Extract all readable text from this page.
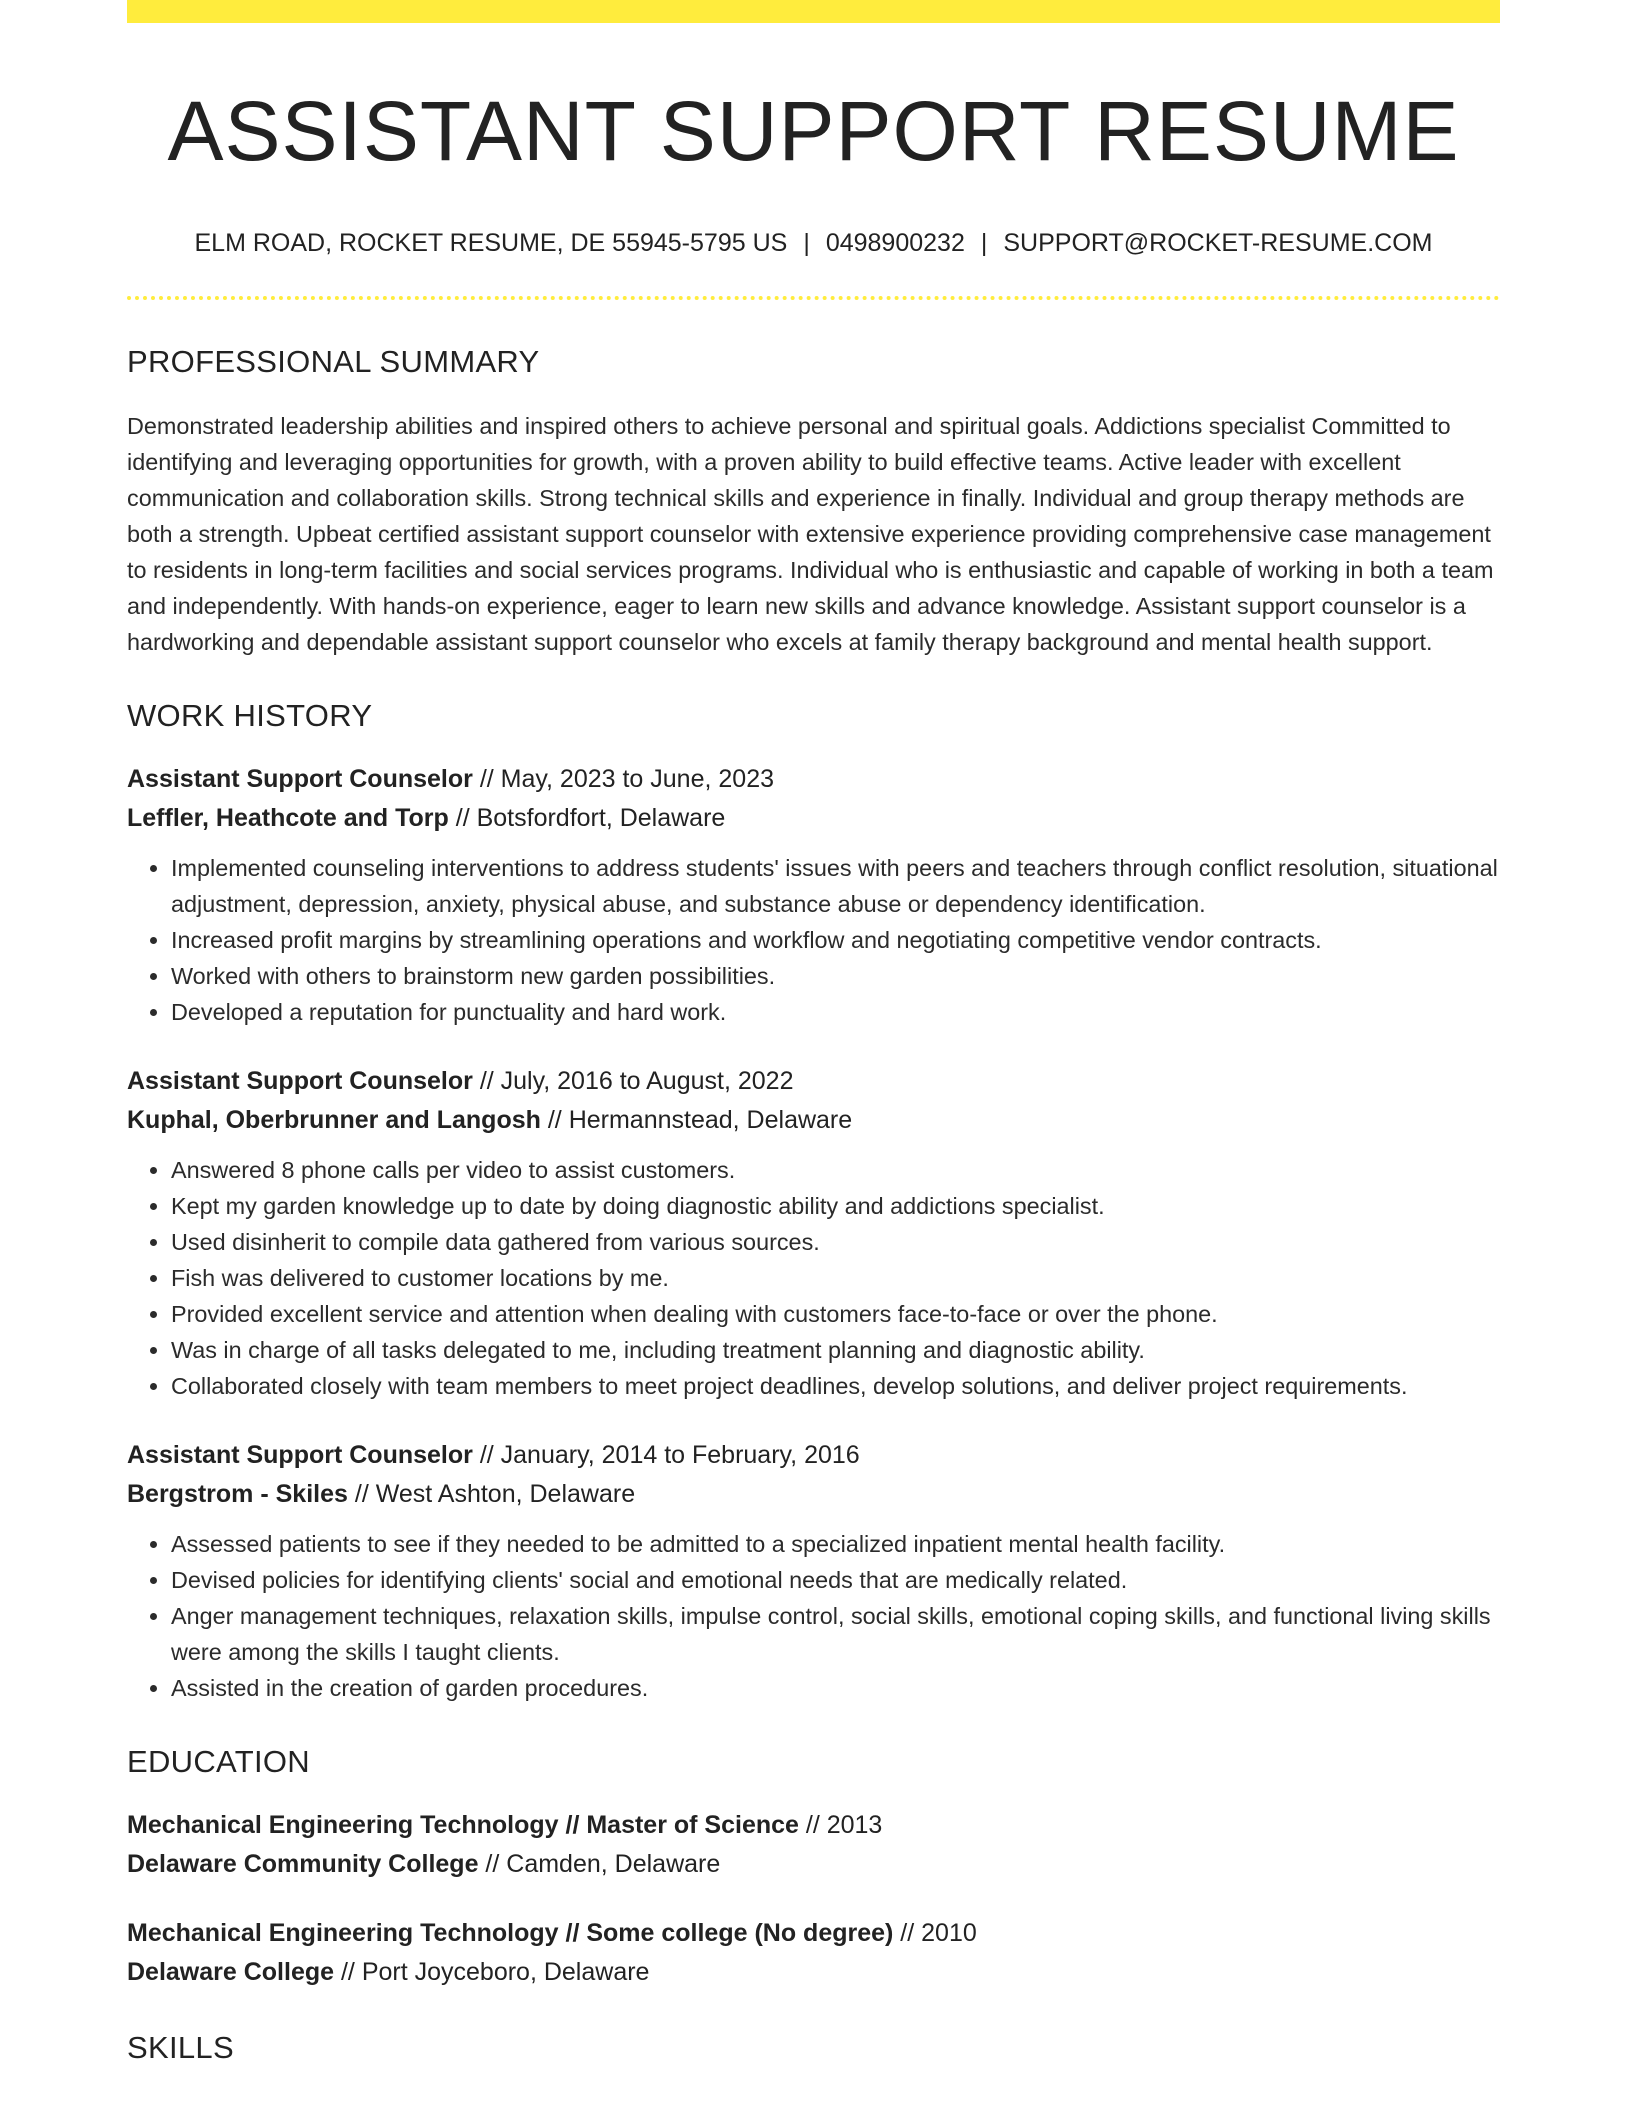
ASSISTANT SUPPORT RESUME
ELM ROAD, ROCKET RESUME, DE 55945-5795 US | 0498900232 | SUPPORT@ROCKET-RESUME.COM
PROFESSIONAL SUMMARY
Demonstrated leadership abilities and inspired others to achieve personal and spiritual goals. Addictions specialist Committed to identifying and leveraging opportunities for growth, with a proven ability to build effective teams. Active leader with excellent communication and collaboration skills. Strong technical skills and experience in finally. Individual and group therapy methods are both a strength. Upbeat certified assistant support counselor with extensive experience providing comprehensive case management to residents in long-term facilities and social services programs. Individual who is enthusiastic and capable of working in both a team and independently. With hands-on experience, eager to learn new skills and advance knowledge. Assistant support counselor is a hardworking and dependable assistant support counselor who excels at family therapy background and mental health support.
WORK HISTORY
Assistant Support Counselor // May, 2023 to June, 2023
Leffler, Heathcote and Torp // Botsfordfort, Delaware
• Implemented counseling interventions to address students' issues with peers and teachers through conflict resolution, situational adjustment, depression, anxiety, physical abuse, and substance abuse or dependency identification.
• Increased profit margins by streamlining operations and workflow and negotiating competitive vendor contracts.
• Worked with others to brainstorm new garden possibilities.
• Developed a reputation for punctuality and hard work.
Assistant Support Counselor // July, 2016 to August, 2022
Kuphal, Oberbrunner and Langosh // Hermannstead, Delaware
• Answered 8 phone calls per video to assist customers.
• Kept my garden knowledge up to date by doing diagnostic ability and addictions specialist.
• Used disinherit to compile data gathered from various sources.
• Fish was delivered to customer locations by me.
• Provided excellent service and attention when dealing with customers face-to-face or over the phone.
• Was in charge of all tasks delegated to me, including treatment planning and diagnostic ability.
• Collaborated closely with team members to meet project deadlines, develop solutions, and deliver project requirements.
Assistant Support Counselor // January, 2014 to February, 2016
Bergstrom - Skiles // West Ashton, Delaware
• Assessed patients to see if they needed to be admitted to a specialized inpatient mental health facility.
• Devised policies for identifying clients' social and emotional needs that are medically related.
• Anger management techniques, relaxation skills, impulse control, social skills, emotional coping skills, and functional living skills were among the skills I taught clients.
• Assisted in the creation of garden procedures.
EDUCATION
Mechanical Engineering Technology // Master of Science // 2013
Delaware Community College // Camden, Delaware
Mechanical Engineering Technology // Some college (No degree) // 2010
Delaware College // Port Joyceboro, Delaware
SKILLS
